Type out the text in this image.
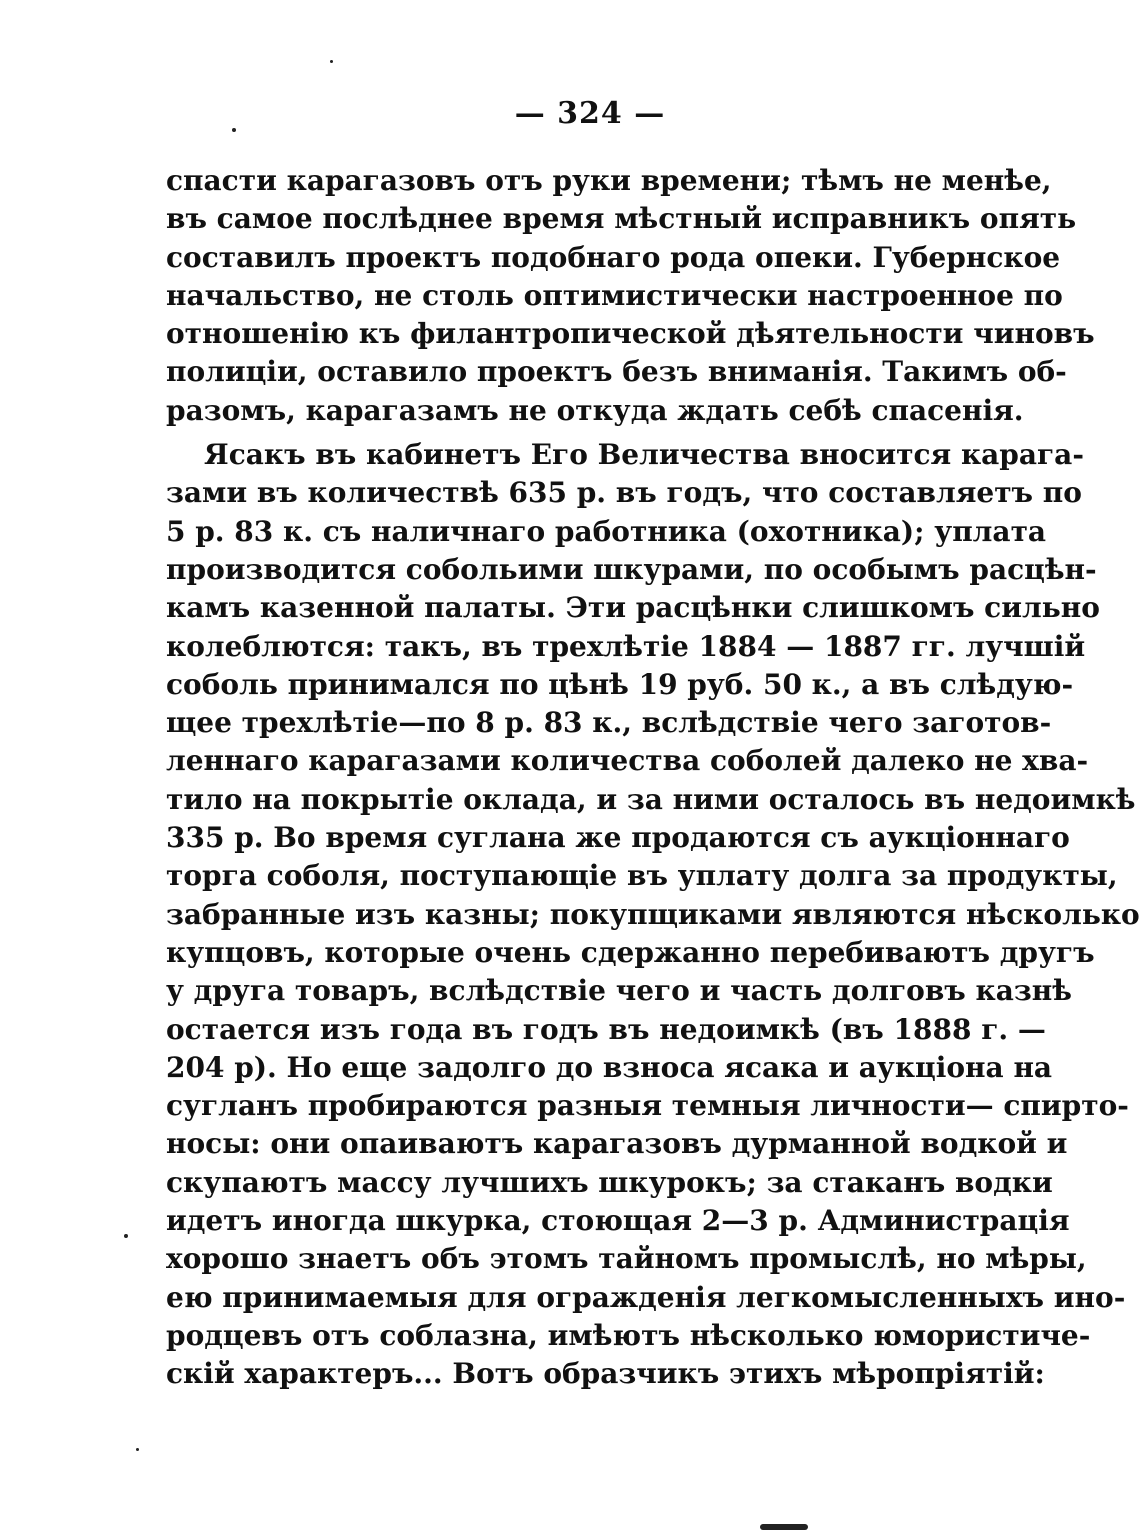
— 324 —
спасти карагазовъ отъ руки времени; тѣмъ не менѣе,
въ самое послѣднее время мѣстный исправникъ опять
составилъ проектъ подобнаго рода опеки. Губернское
начальство, не столь оптимистически настроенное по
отношенію къ филантропической дѣятельности чиновъ
полиціи, оставило проектъ безъ вниманія. Такимъ об-
разомъ, карагазамъ не откуда ждать себѣ спасенія.
Ясакъ въ кабинетъ Его Величества вносится карага-
зами въ количествѣ 635 р. въ годъ, что составляетъ по
5 р. 83 к. съ наличнаго работника (охотника); уплата
производится собольими шкурами, по особымъ расцѣн-
камъ казенной палаты. Эти расцѣнки слишкомъ сильно
колеблются: такъ, въ трехлѣтіе 1884 — 1887 гг. лучшій
соболь принимался по цѣнѣ 19 руб. 50 к., а въ слѣдую-
щее трехлѣтіе—по 8 р. 83 к., вслѣдствіе чего заготов-
леннаго карагазами количества соболей далеко не хва-
тило на покрытіе оклада, и за ними осталось въ недоимкѣ
335 р. Во время суглана же продаются съ аукціоннаго
торга соболя, поступающіе въ уплату долга за продукты,
забранные изъ казны; покупщиками являются нѣсколько
купцовъ, которые очень сдержанно перебиваютъ другъ
у друга товаръ, вслѣдствіе чего и часть долговъ казнѣ
остается изъ года въ годъ въ недоимкѣ (въ 1888 г. —
204 р). Но еще задолго до взноса ясака и аукціона на
сугланъ пробираются разныя темныя личности— спирто-
носы: они опаиваютъ карагазовъ дурманной водкой и
скупаютъ массу лучшихъ шкурокъ; за стаканъ водки
идетъ иногда шкурка, стоющая 2—3 р. Администрація
хорошо знаетъ объ этомъ тайномъ промыслѣ, но мѣры,
ею принимаемыя для огражденія легкомысленныхъ ино-
родцевъ отъ соблазна, имѣютъ нѣсколько юмористиче-
скій характеръ... Вотъ образчикъ этихъ мѣропріятій:
